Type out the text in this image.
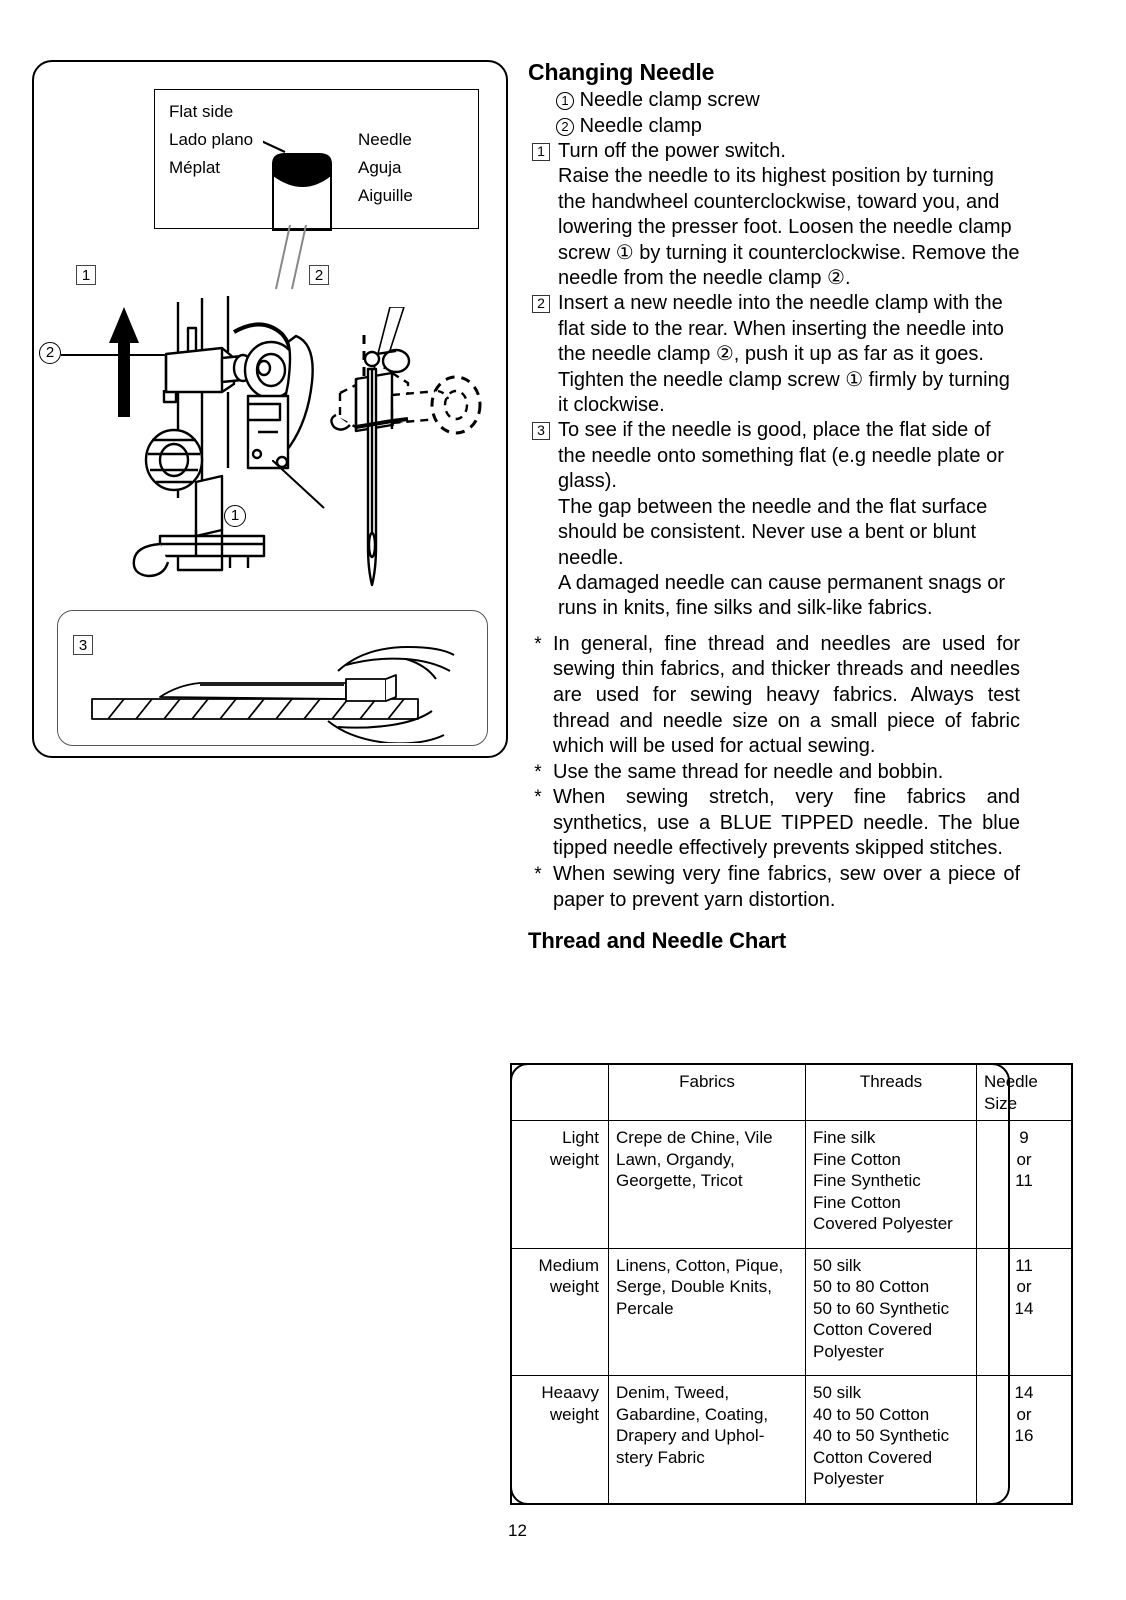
Flat side
Lado plano
Méplat
Needle
Aguja
Aiguille
1	2
2
1
3
Changing Needle
1 Needle clamp screw
2 Needle clamp
1 Turn off the power switch.

Raise the needle to its highest position by turning the handwheel counterclockwise, toward you, and lowering the presser foot. Loosen the needle clamp screw ① by turning it counterclockwise. Remove the needle from the needle clamp ②.

2 Insert a new needle into the needle clamp with the flat side to the rear. When inserting the needle into the needle clamp ②, push it up as far as it goes. Tighten the needle clamp screw ① firmly by turning it clockwise.

3 To see if the needle is good, place the flat side of the needle onto something flat (e.g needle plate or glass).

The gap between the needle and the flat surface should be consistent. Never use a bent or blunt needle.

A damaged needle can cause permanent snags or runs in knits, fine silks and silk-like fabrics.

* In general, fine thread and needles are used for sewing thin fabrics, and thicker threads and needles are used for sewing heavy fabrics. Always test thread and needle size on a small piece of fabric which will be used for actual sewing.
* Use the same thread for needle and bobbin.
* When sewing stretch, very fine fabrics and synthetics, use a BLUE TIPPED needle. The blue tipped needle effectively prevents skipped stitches.
* When sewing very fine fabrics, sew over a piece of paper to prevent yarn distortion.
Thread and Needle Chart
	Fabrics	Threads	Needle
Size

Light
weight	Crepe de Chine, Vile
Lawn, Organdy,
Georgette, Tricot	Fine silk
Fine Cotton
Fine Synthetic
Fine Cotton
Covered Polyester	9
or
11

Medium
weight	Linens, Cotton, Pique,
Serge, Double Knits,
Percale	50 silk
50 to 80 Cotton
50 to 60 Synthetic
Cotton Covered
Polyester	11
or
14

Heaavy
weight	Denim, Tweed,
Gabardine, Coating,
Drapery and Uphol-
stery Fabric	50 silk
40 to 50 Cotton
40 to 50 Synthetic
Cotton Covered
Polyester	14
or
16
12
